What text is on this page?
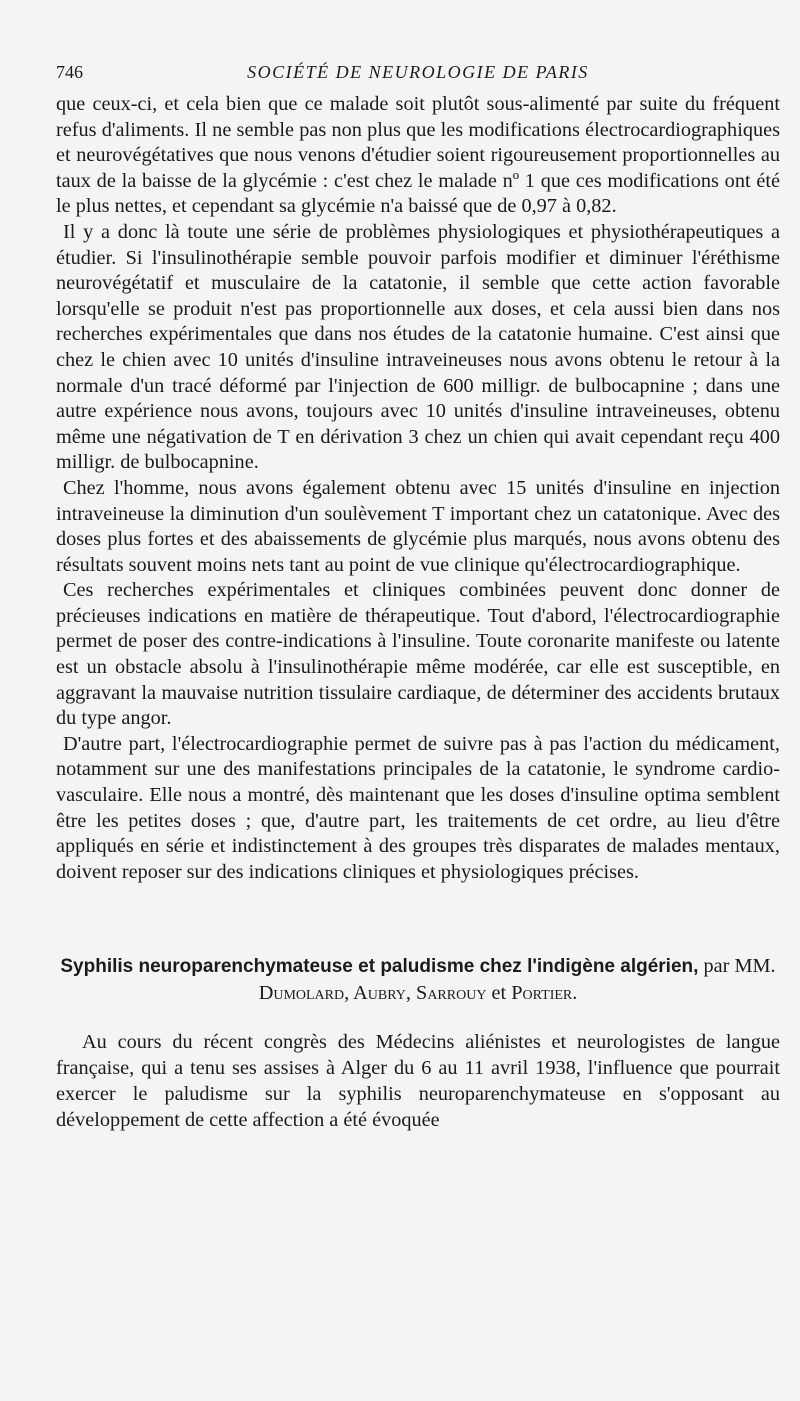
746	SOCIÉTÉ DE NEUROLOGIE DE PARIS

que ceux-ci, et cela bien que ce malade soit plutôt sous-alimenté par suite du fréquent refus d'aliments. Il ne semble pas non plus que les modifications électrocardiographiques et neurovégétatives que nous venons d'étudier soient rigoureusement proportionnelles au taux de la baisse de la glycémie : c'est chez le malade nº 1 que ces modifications ont été le plus nettes, et cependant sa glycémie n'a baissé que de 0,97 à 0,82.

Il y a donc là toute une série de problèmes physiologiques et physiothérapeutiques a étudier. Si l'insulinothérapie semble pouvoir parfois modifier et diminuer l'éréthisme neurovégétatif et musculaire de la catatonie, il semble que cette action favorable lorsqu'elle se produit n'est pas proportionnelle aux doses, et cela aussi bien dans nos recherches expérimentales que dans nos études de la catatonie humaine. C'est ainsi que chez le chien avec 10 unités d'insuline intraveineuses nous avons obtenu le retour à la normale d'un tracé déformé par l'injection de 600 milligr. de bulbocapnine ; dans une autre expérience nous avons, toujours avec 10 unités d'insuline intraveineuses, obtenu même une négativation de T en dérivation 3 chez un chien qui avait cependant reçu 400 milligr. de bulbocapnine.

Chez l'homme, nous avons également obtenu avec 15 unités d'insuline en injection intraveineuse la diminution d'un soulèvement T important chez un catatonique. Avec des doses plus fortes et des abaissements de glycémie plus marqués, nous avons obtenu des résultats souvent moins nets tant au point de vue clinique qu'électrocardiographique.

Ces recherches expérimentales et cliniques combinées peuvent donc donner de précieuses indications en matière de thérapeutique. Tout d'abord, l'électrocardiographie permet de poser des contre-indications à l'insuline. Toute coronarite manifeste ou latente est un obstacle absolu à l'insulinothérapie même modérée, car elle est susceptible, en aggravant la mauvaise nutrition tissulaire cardiaque, de déterminer des accidents brutaux du type angor.

D'autre part, l'électrocardiographie permet de suivre pas à pas l'action du médicament, notamment sur une des manifestations principales de la catatonie, le syndrome cardio-vasculaire. Elle nous a montré, dès maintenant que les doses d'insuline optima semblent être les petites doses ; que, d'autre part, les traitements de cet ordre, au lieu d'être appliqués en série et indistinctement à des groupes très disparates de malades mentaux, doivent reposer sur des indications cliniques et physiologiques précises.

Syphilis neuroparenchymateuse et paludisme chez l'indigène algérien, par MM. Dumolard, Aubry, Sarrouy et Portier.

Au cours du récent congrès des Médecins aliénistes et neurologistes de langue française, qui a tenu ses assises à Alger du 6 au 11 avril 1938, l'influence que pourrait exercer le paludisme sur la syphilis neuroparenchymateuse en s'opposant au développement de cette affection a été évoquée
